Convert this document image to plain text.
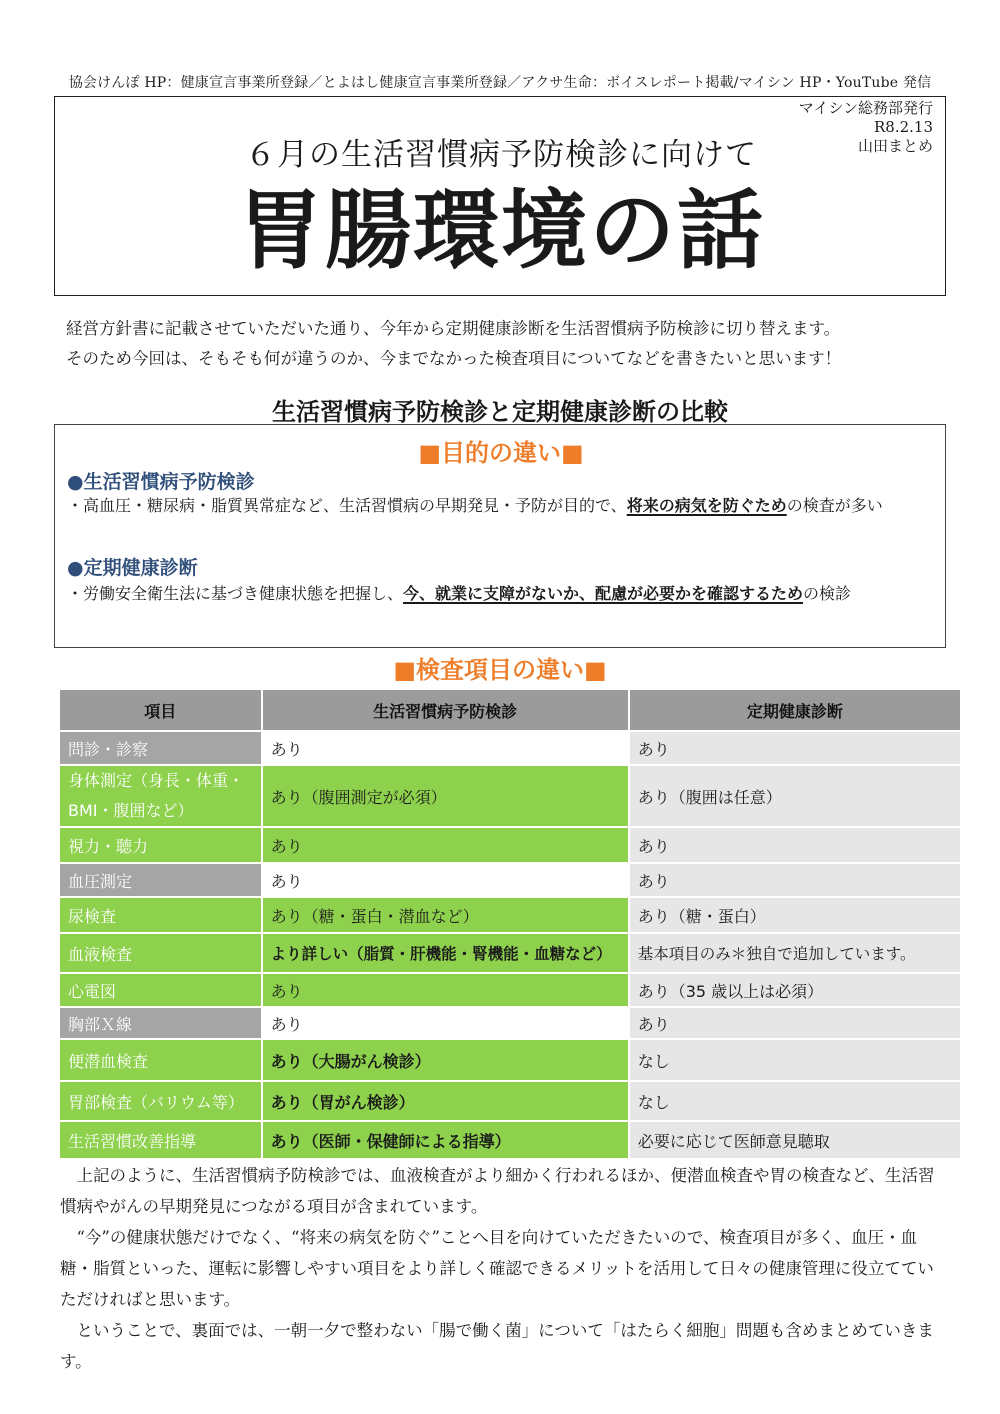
協会けんぽ HP：健康宣言事業所登録／とよはし健康宣言事業所登録／アクサ生命：ボイスレポート掲載/マイシン HP・YouTube 発信
マイシン総務部発行
R8.2.13
山田まとめ
６月の生活習慣病予防検診に向けて
胃腸環境の話
経営方針書に記載させていただいた通り、今年から定期健康診断を生活習慣病予防検診に切り替えます。
そのため今回は、そもそも何が違うのか、今までなかった検査項目についてなどを書きたいと思います！
生活習慣病予防検診と定期健康診断の比較
■目的の違い■
●生活習慣病予防検診
・高血圧・糖尿病・脂質異常症など、生活習慣病の早期発見・予防が目的で、将来の病気を防ぐための検査が多い
●定期健康診断
・労働安全衛生法に基づき健康状態を把握し、今、就業に支障がないか、配慮が必要かを確認するための検診
■検査項目の違い■
項目	生活習慣病予防検診	定期健康診断
問診・診察	あり	あり
身体測定（身長・体重・BMI・腹囲など）	あり（腹囲測定が必須）	あり（腹囲は任意）
視力・聴力	あり	あり
血圧測定	あり	あり
尿検査	あり（糖・蛋白・潜血など）	あり（糖・蛋白）
血液検査	より詳しい（脂質・肝機能・腎機能・血糖など）	基本項目のみ＊独自で追加しています。
心電図	あり	あり（35 歳以上は必須）
胸部Ｘ線	あり	あり
便潜血検査	あり（大腸がん検診）	なし
胃部検査（バリウム等）	あり（胃がん検診）	なし
生活習慣改善指導	あり（医師・保健師による指導）	必要に応じて医師意見聴取

上記のように、生活習慣病予防検診では、血液検査がより細かく行われるほか、便潜血検査や胃の検査など、生活習慣病やがんの早期発見につながる項目が含まれています。

“今”の健康状態だけでなく、“将来の病気を防ぐ”ことへ目を向けていただきたいので、検査項目が多く、血圧・血糖・脂質といった、運転に影響しやすい項目をより詳しく確認できるメリットを活用して日々の健康管理に役立てていただければと思います。

ということで、裏面では、一朝一夕で整わない「腸で働く菌」について「はたらく細胞」問題も含めまとめていきます。
